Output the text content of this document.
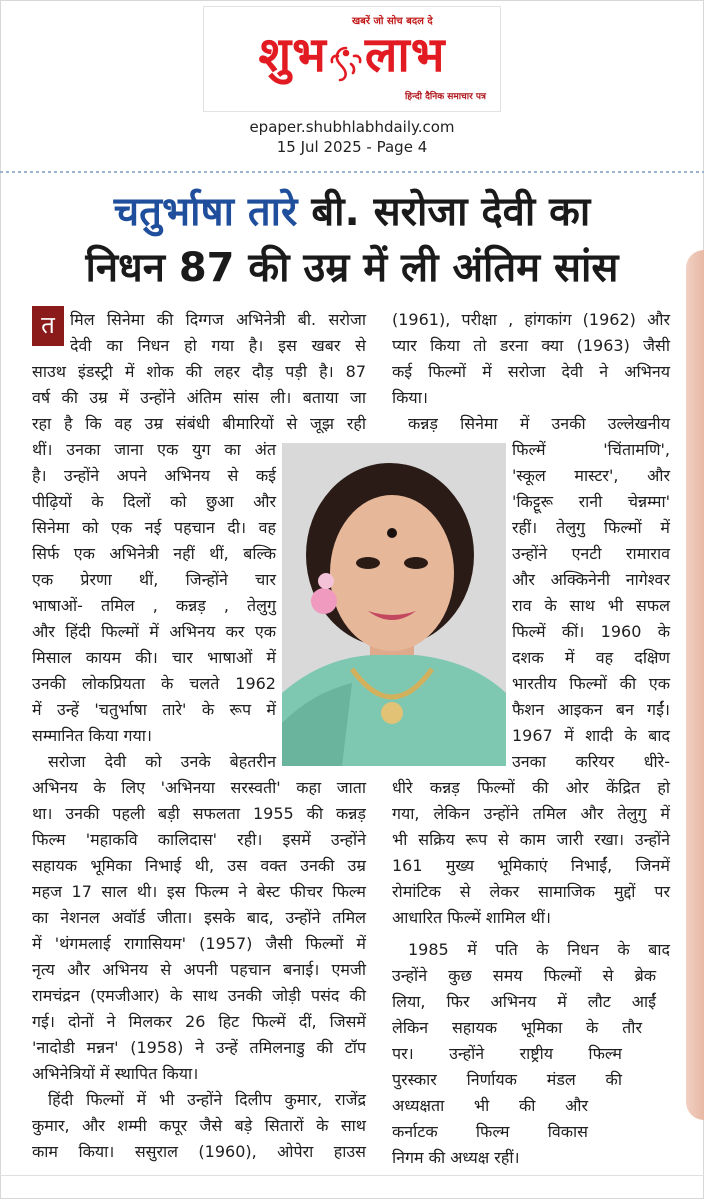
खबरें जो सोच बदल दे
शुभ लाभ
हिन्दी दैनिक समाचार पत्र
epaper.shubhlabhdaily.com
15 Jul 2025 - Page 4
चतुर्भाषा तारे बी. सरोजा देवी का
निधन 87 की उम्र में ली अंतिम सांस
त मिल सिनेमा की दिग्गज अभिनेत्री बी. सरोजा
देवी का निधन हो गया है। इस खबर से
साउथ इंडस्ट्री में शोक की लहर दौड़ पड़ी है। 87
वर्ष की उम्र में उन्होंने अंतिम सांस ली। बताया जा
रहा है कि वह उम्र संबंधी बीमारियों से जूझ रही
थीं। उनका जाना एक युग का अंत
है। उन्होंने अपने अभिनय से कई
पीढ़ियों के दिलों को छुआ और
सिनेमा को एक नई पहचान दी। वह
सिर्फ एक अभिनेत्री नहीं थीं, बल्कि
एक प्रेरणा थीं, जिन्होंने चार
भाषाओं- तमिल , कन्नड़ , तेलुगु
और हिंदी फिल्मों में अभिनय कर एक
मिसाल कायम की। चार भाषाओं में
उनकी लोकप्रियता के चलते 1962
में उन्हें 'चतुर्भाषा तारे' के रूप में
सम्मानित किया गया।
सरोजा देवी को उनके बेहतरीन
अभिनय के लिए 'अभिनया सरस्वती' कहा जाता
था। उनकी पहली बड़ी सफलता 1955 की कन्नड़
फिल्म 'महाकवि कालिदास' रही। इसमें उन्होंने
सहायक भूमिका निभाई थी, उस वक्त उनकी उम्र
महज 17 साल थी। इस फिल्म ने बेस्ट फीचर फिल्म
का नेशनल अवॉर्ड जीता। इसके बाद, उन्होंने तमिल
में 'थंगमलाई रागासियम' (1957) जैसी फिल्मों में
नृत्य और अभिनय से अपनी पहचान बनाई। एमजी
रामचंद्रन (एमजीआर) के साथ उनकी जोड़ी पसंद की
गई। दोनों ने मिलकर 26 हिट फिल्में दीं, जिसमें
'नादोडी मन्नन' (1958) ने उन्हें तमिलनाडु की टॉप
अभिनेत्रियों में स्थापित किया।
हिंदी फिल्मों में भी उन्होंने दिलीप कुमार, राजेंद्र
कुमार, और शम्मी कपूर जैसे बड़े सितारों के साथ
काम किया। ससुराल (1960), ओपेरा हाउस
(1961), परीक्षा , हांगकांग (1962) और
प्यार किया तो डरना क्या (1963) जैसी
कई फिल्मों में सरोजा देवी ने अभिनय
किया।
कन्नड़ सिनेमा में उनकी उल्लेखनीय
फिल्में 'चिंतामणि',
'स्कूल मास्टर', और
'किट्टूरू रानी चेन्नम्मा'
रहीं। तेलुगु फिल्मों में
उन्होंने एनटी रामाराव
और अक्किनेनी नागेश्वर
राव के साथ भी सफल
फिल्में कीं। 1960 के
दशक में वह दक्षिण
भारतीय फिल्मों की एक
फैशन आइकन बन गईं।
1967 में शादी के बाद
उनका करियर धीरे-
धीरे कन्नड़ फिल्मों की ओर केंद्रित हो
गया, लेकिन उन्होंने तमिल और तेलुगु में
भी सक्रिय रूप से काम जारी रखा। उन्होंने
161 मुख्य भूमिकाएं निभाईं, जिनमें
रोमांटिक से लेकर सामाजिक मुद्दों पर
आधारित फिल्में शामिल थीं।
1985 में पति के निधन के बाद
उन्होंने कुछ समय फिल्मों से ब्रेक
लिया, फिर अभिनय में लौट आईं
लेकिन सहायक भूमिका के तौर
पर। उन्होंने राष्ट्रीय फिल्म
पुरस्कार निर्णायक मंडल की
अध्यक्षता भी की और
कर्नाटक फिल्म विकास
निगम की अध्यक्ष रहीं।
